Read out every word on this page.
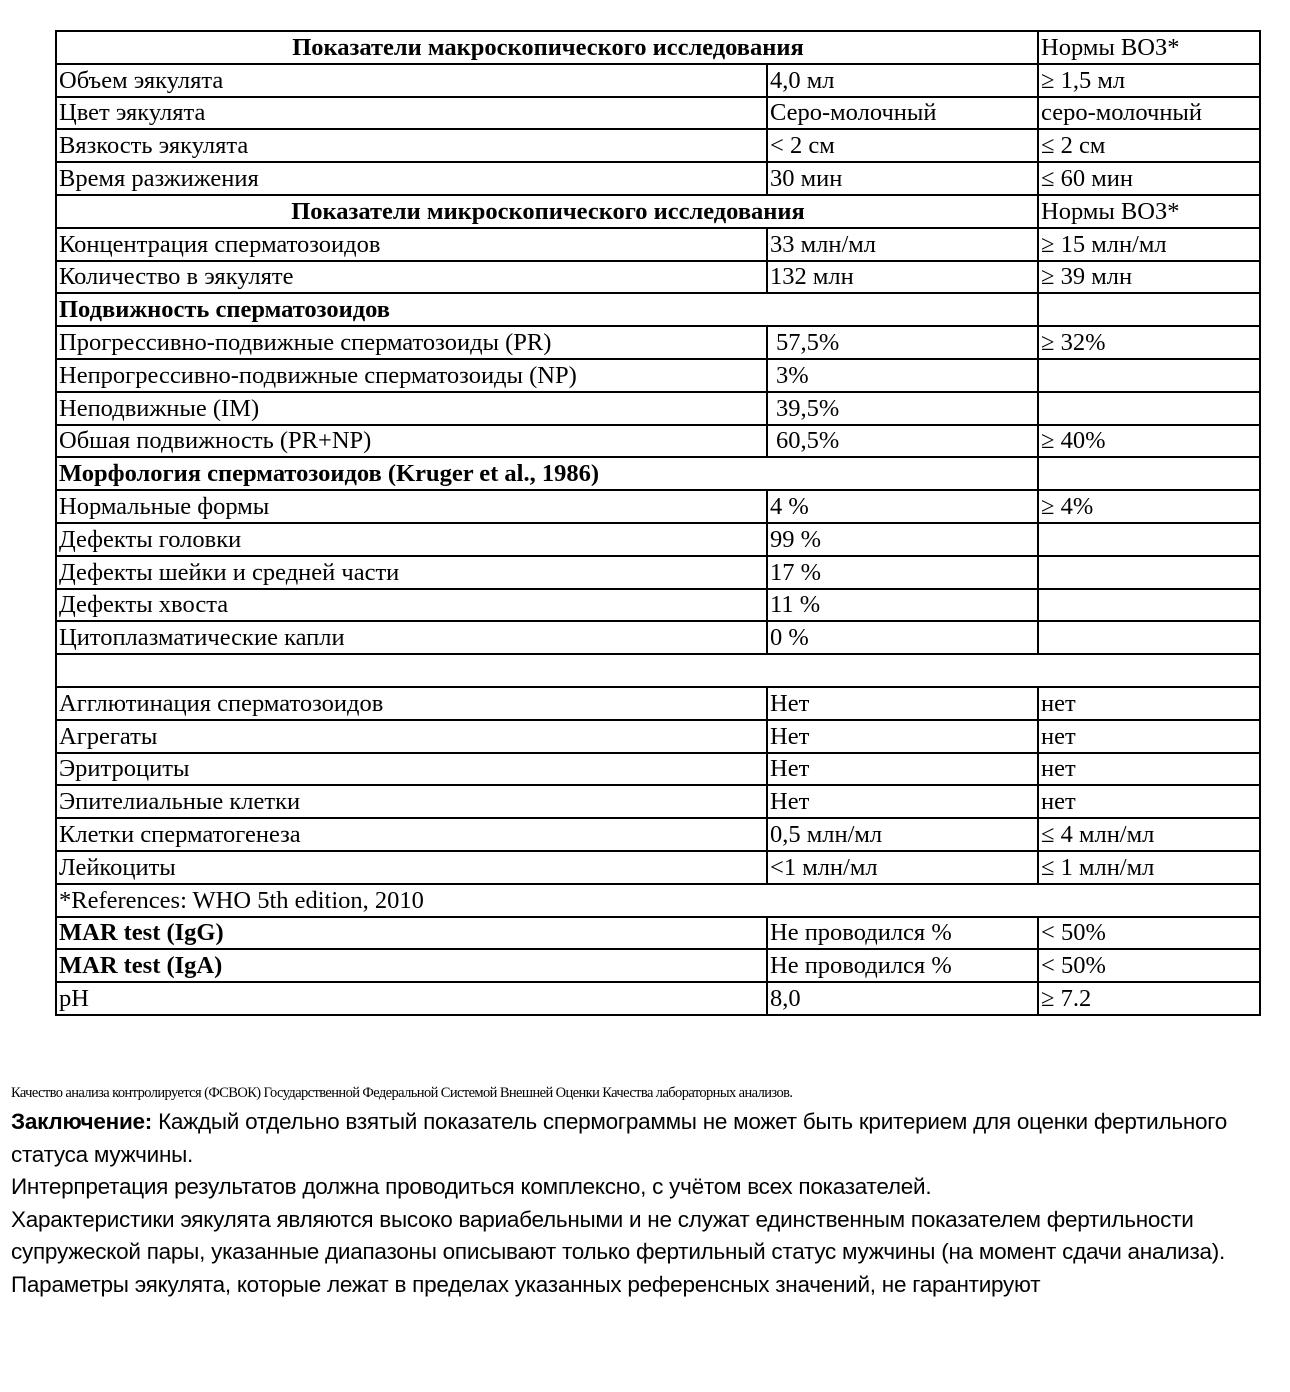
Показатели макроскопического исследования		Нормы ВОЗ*
Объем эякулята	4,0 мл	≥ 1,5 мл
Цвет эякулята	Серо-молочный	серо-молочный
Вязкость эякулята	< 2 см	≤ 2 см
Время разжижения	30 мин	≤ 60 мин
Показатели микроскопического исследования		Нормы ВОЗ*
Концентрация сперматозоидов	33 млн/мл	≥ 15 млн/мл
Количество в эякуляте	132 млн	≥ 39 млн
Подвижность сперматозоидов		
Прогрессивно-подвижные сперматозоиды (PR)	57,5%	≥ 32%
Непрогрессивно-подвижные сперматозоиды (NP)	3%	
Неподвижные (IM)	39,5%	
Обшая подвижность (PR+NP)	60,5%	≥ 40%
Морфология сперматозоидов (Kruger et al., 1986)		
Нормальные формы	4 %	≥ 4%
Дефекты головки	99 %	
Дефекты шейки и средней части	17 %	
Дефекты хвоста	11 %	
Цитоплазматические капли	0 %	

Агглютинация сперматозоидов	Нет	нет
Агрегаты	Нет	нет
Эритроциты	Нет	нет
Эпителиальные клетки	Нет	нет
Клетки сперматогенеза	0,5 млн/мл	≤ 4 млн/мл
Лейкоциты	<1 млн/мл	≤ 1 млн/мл
*References: WHO 5th edition, 2010		
MAR test (IgG)	Не проводился %	< 50%
MAR test (IgA)	Не проводился %	< 50%
pH	8,0	≥ 7.2
Качество анализа контролируется (ФСВОК) Государственной Федеральной Системой Внешней Оценки Качества лабораторных анализов.
Заключение: Каждый отдельно взятый показатель спермограммы не может быть критерием для оценки фертильного статуса мужчины.
Интерпретация результатов должна проводиться комплексно, с учётом всех показателей.
Характеристики эякулята являются высоко вариабельными и не служат единственным показателем фертильности супружеской пары, указанные диапазоны описывают только фертильный статус мужчины (на момент сдачи анализа).
Параметры эякулята, которые лежат в пределах указанных референсных значений, не гарантируют
